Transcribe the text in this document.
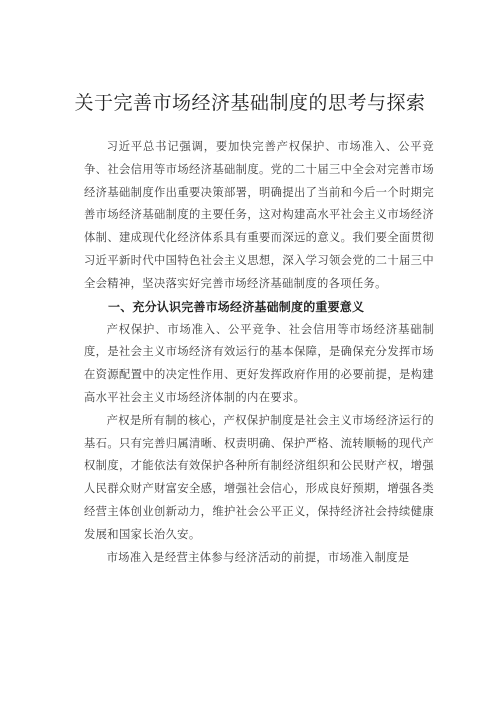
关于完善市场经济基础制度的思考与探索

习近平总书记强调，要加快完善产权保护、市场准入、公平竞争、社会信用等市场经济基础制度。党的二十届三中全会对完善市场经济基础制度作出重要决策部署，明确提出了当前和今后一个时期完善市场经济基础制度的主要任务，这对构建高水平社会主义市场经济体制、建成现代化经济体系具有重要而深远的意义。我们要全面贯彻习近平新时代中国特色社会主义思想，深入学习领会党的二十届三中全会精神，坚决落实好完善市场经济基础制度的各项任务。

一、充分认识完善市场经济基础制度的重要意义

产权保护、市场准入、公平竞争、社会信用等市场经济基础制度，是社会主义市场经济有效运行的基本保障，是确保充分发挥市场在资源配置中的决定性作用、更好发挥政府作用的必要前提，是构建高水平社会主义市场经济体制的内在要求。

产权是所有制的核心，产权保护制度是社会主义市场经济运行的基石。只有完善归属清晰、权责明确、保护严格、流转顺畅的现代产权制度，才能依法有效保护各种所有制经济组织和公民财产权，增强人民群众财产财富安全感，增强社会信心，形成良好预期，增强各类经营主体创业创新动力，维护社会公平正义，保持经济社会持续健康发展和国家长治久安。

市场准入是经营主体参与经济活动的前提，市场准入制度是
